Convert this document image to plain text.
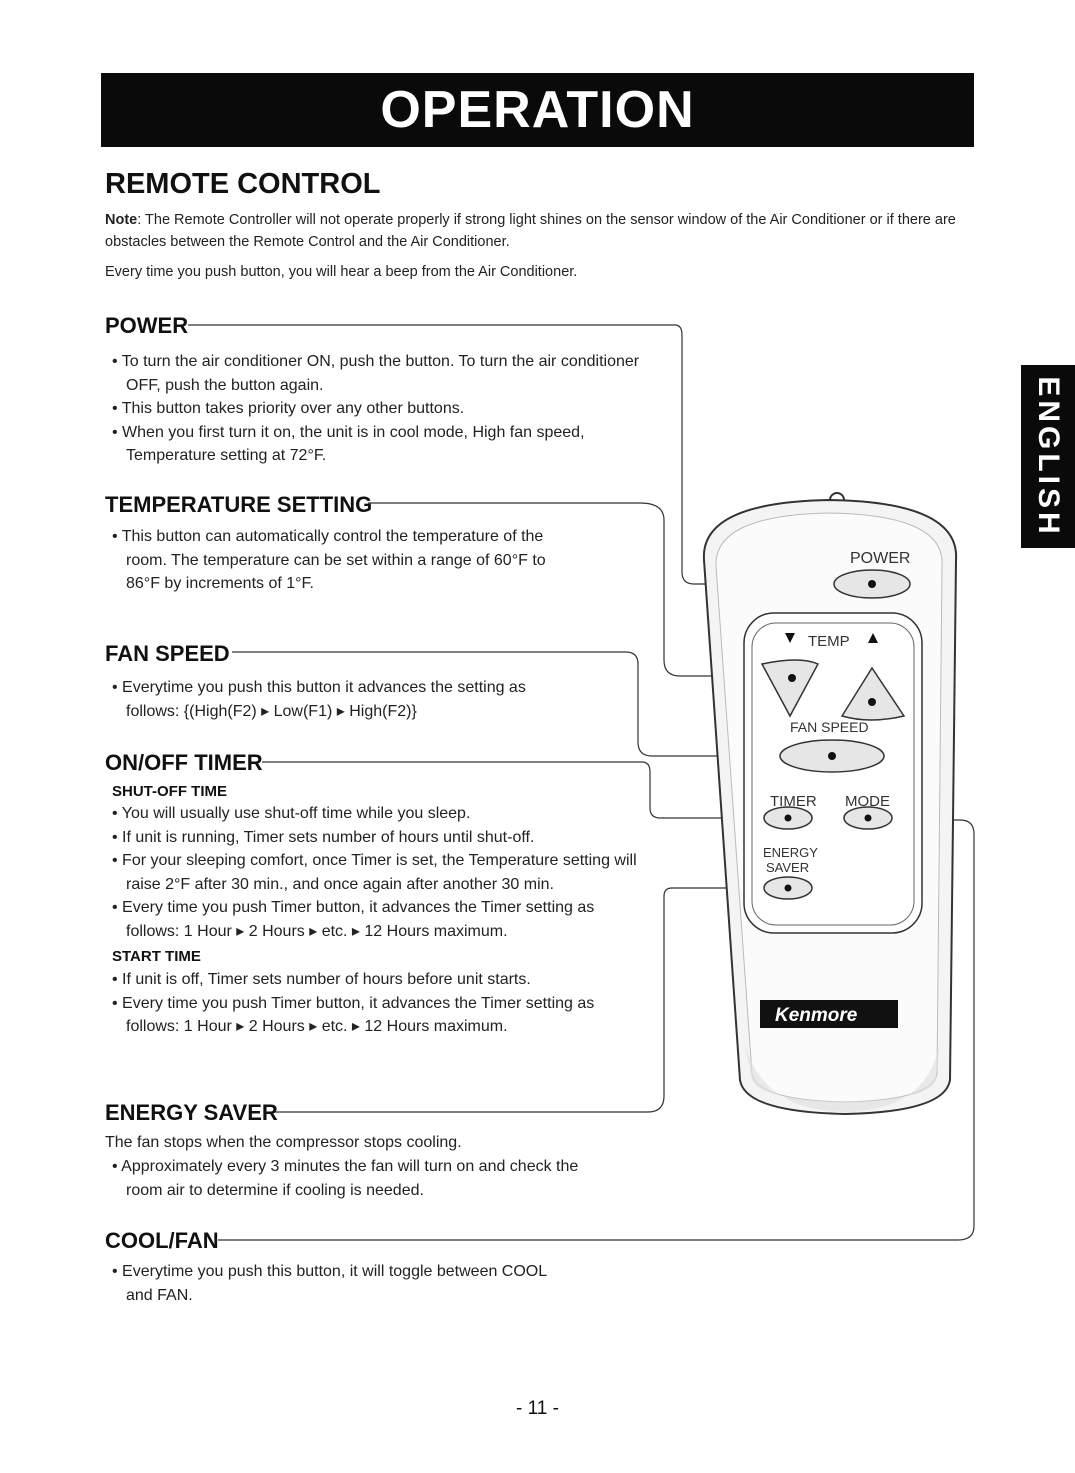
OPERATION
REMOTE CONTROL
Note: The Remote Controller will not operate properly if strong light shines on the sensor window of the Air Conditioner or if there are obstacles between the Remote Control and the Air Conditioner.
Every time you push button, you will hear a beep from the Air Conditioner.
ENGLISH
POWER
TEMP
FAN SPEED
TIMER MODE
ENERGY
SAVER
Kenmore
POWER

• To turn the air conditioner ON, push the button. To turn the air conditioner OFF, push the button again.

• This button takes priority over any other buttons.

• When you first turn it on, the unit is in cool mode, High fan speed, Temperature setting at 72°F.

TEMPERATURE SETTING

• This button can automatically control the temperature of the room. The temperature can be set within a range of 60°F to 86°F by increments of 1°F.

FAN SPEED

• Everytime you push this button it advances the setting as follows: {(High(F2) ▸ Low(F1) ▸ High(F2)}

ON/OFF TIMER
SHUT-OFF TIME

• You will usually use shut-off time while you sleep.

• If unit is running, Timer sets number of hours until shut-off.

• For your sleeping comfort, once Timer is set, the Temperature setting will raise 2°F after 30 min., and once again after another 30 min.

• Every time you push Timer button, it advances the Timer setting as follows: 1 Hour ▸ 2 Hours ▸ etc. ▸ 12 Hours maximum.

START TIME

• If unit is off, Timer sets number of hours before unit starts.

• Every time you push Timer button, it advances the Timer setting as follows: 1 Hour ▸ 2 Hours ▸ etc. ▸ 12 Hours maximum.

ENERGY SAVER
The fan stops when the compressor stops cooling.

• Approximately every 3 minutes the fan will turn on and check the room air to determine if cooling is needed.

COOL/FAN

• Everytime you push this button, it will toggle between COOL and FAN.

- 11 -
